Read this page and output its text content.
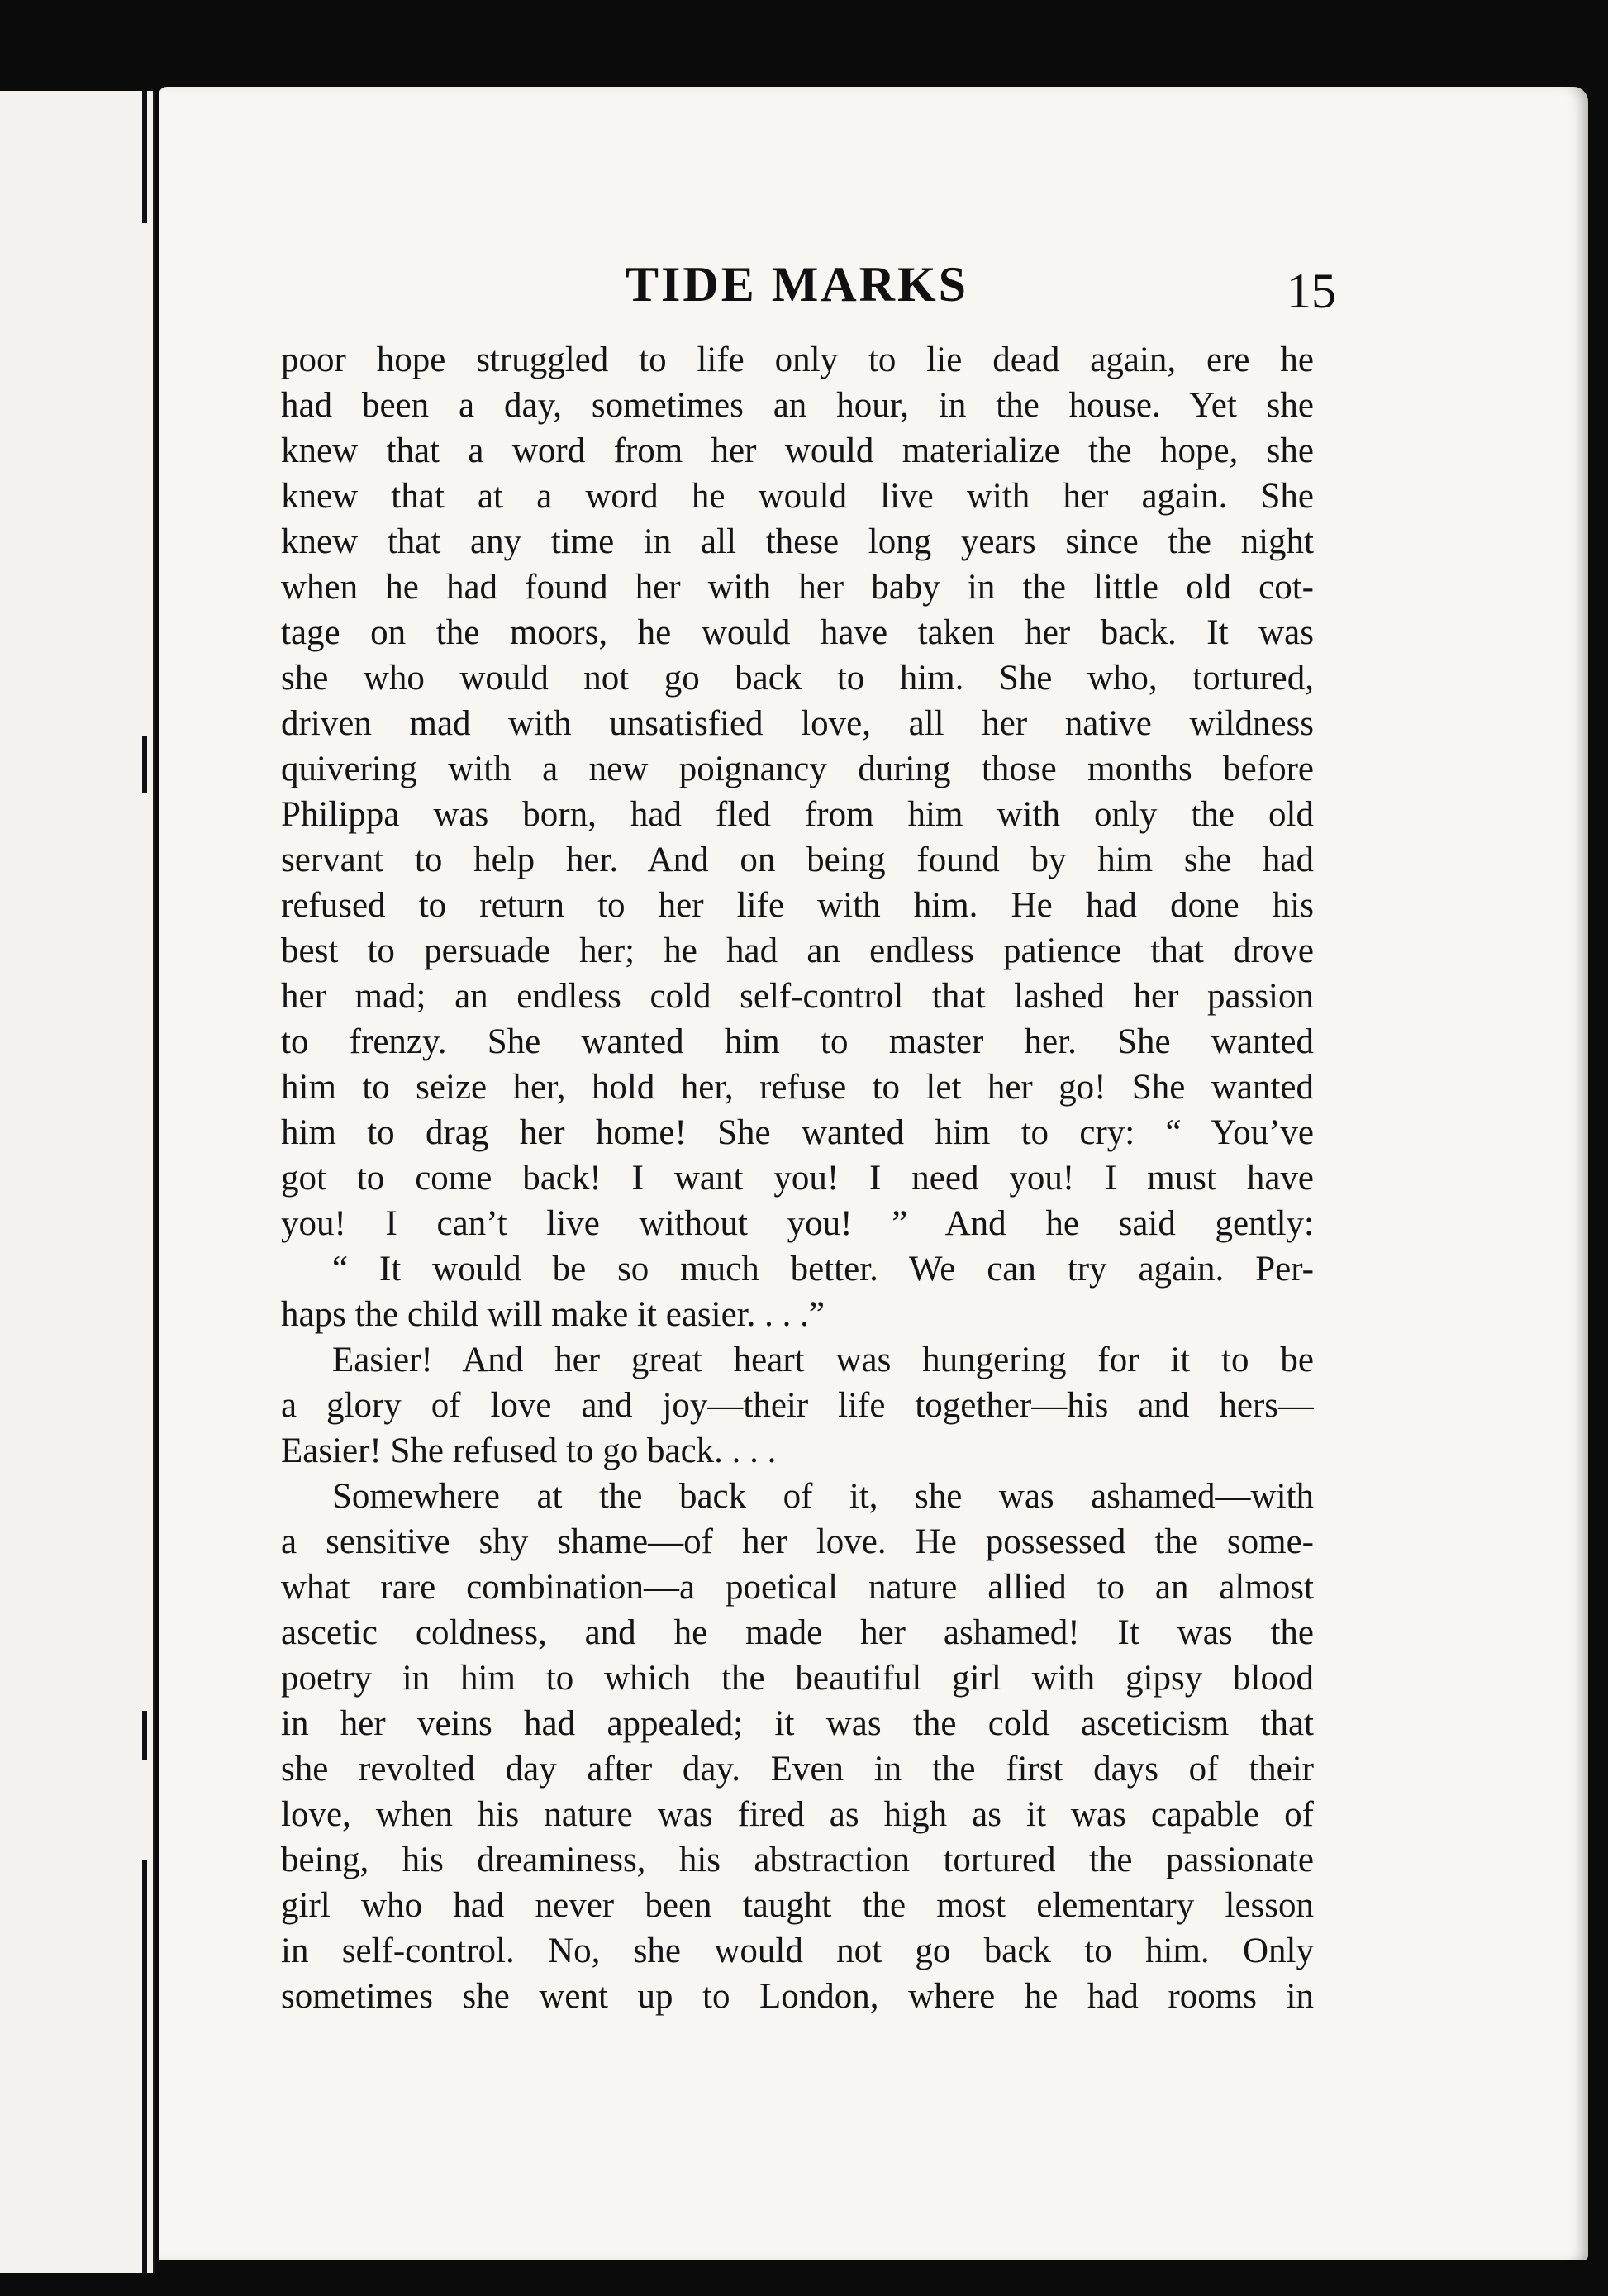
TIDE MARKS	15
poor hope struggled to life only to lie dead again, ere he
had been a day, sometimes an hour, in the house. Yet she
knew that a word from her would materialize the hope, she
knew that at a word he would live with her again. She
knew that any time in all these long years since the night
when he had found her with her baby in the little old cot-
tage on the moors, he would have taken her back. It was
she who would not go back to him. She who, tortured,
driven mad with unsatisfied love, all her native wildness
quivering with a new poignancy during those months before
Philippa was born, had fled from him with only the old
servant to help her. And on being found by him she had
refused to return to her life with him. He had done his
best to persuade her; he had an endless patience that drove
her mad; an endless cold self-control that lashed her passion
to frenzy. She wanted him to master her. She wanted
him to seize her, hold her, refuse to let her go! She wanted
him to drag her home! She wanted him to cry: “ You’ve
got to come back! I want you! I need you! I must have
you! I can’t live without you! ” And he said gently:
“ It would be so much better. We can try again. Per-
haps the child will make it easier. . . .”
Easier! And her great heart was hungering for it to be
a glory of love and joy—their life together—his and hers—
Easier! She refused to go back. . . .
Somewhere at the back of it, she was ashamed—with
a sensitive shy shame—of her love. He possessed the some-
what rare combination—a poetical nature allied to an almost
ascetic coldness, and he made her ashamed! It was the
poetry in him to which the beautiful girl with gipsy blood
in her veins had appealed; it was the cold asceticism that
she revolted day after day. Even in the first days of their
love, when his nature was fired as high as it was capable of
being, his dreaminess, his abstraction tortured the passionate
girl who had never been taught the most elementary lesson
in self-control. No, she would not go back to him. Only
sometimes she went up to London, where he had rooms in
